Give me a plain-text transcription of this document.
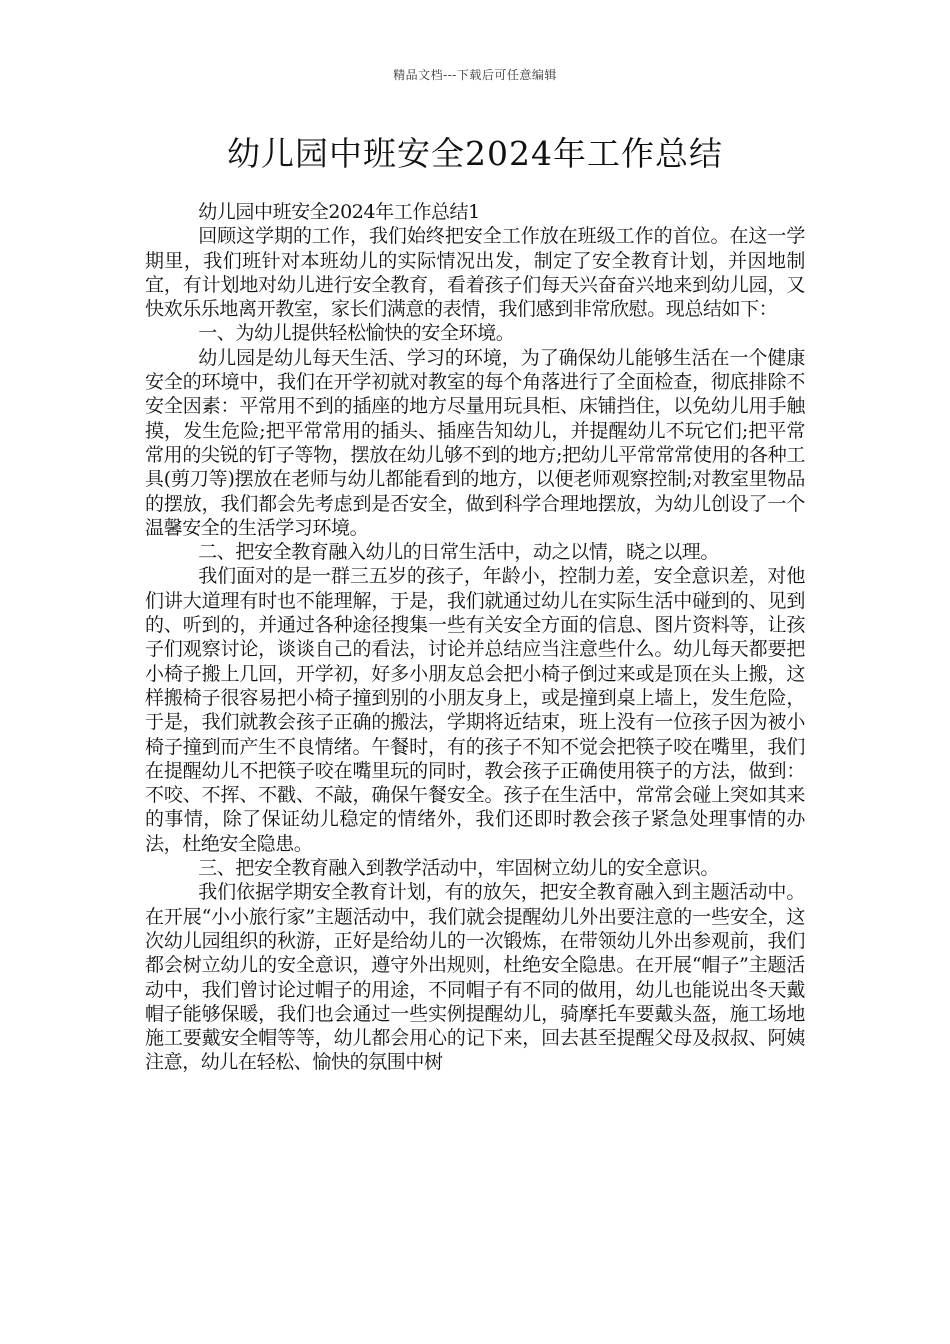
精品文档---下载后可任意编辑
幼儿园中班安全2024年工作总结

幼儿园中班安全2024年工作总结1

回顾这学期的工作，我们始终把安全工作放在班级工作的首位。在这一学期里，我们班针对本班幼儿的实际情况出发，制定了安全教育计划，并因地制宜，有计划地对幼儿进行安全教育，看着孩子们每天兴奋奋兴地来到幼儿园，又快欢乐乐地离开教室，家长们满意的表情，我们感到非常欣慰。现总结如下：

一、为幼儿提供轻松愉快的安全环境。

幼儿园是幼儿每天生活、学习的环境，为了确保幼儿能够生活在一个健康安全的环境中，我们在开学初就对教室的每个角落进行了全面检查，彻底排除不安全因素：平常用不到的插座的地方尽量用玩具柜、床铺挡住，以免幼儿用手触摸，发生危险;把平常常用的插头、插座告知幼儿，并提醒幼儿不玩它们;把平常常用的尖锐的钉子等物，摆放在幼儿够不到的地方;把幼儿平常常常使用的各种工具(剪刀等)摆放在老师与幼儿都能看到的地方，以便老师观察控制;对教室里物品的摆放，我们都会先考虑到是否安全，做到科学合理地摆放，为幼儿创设了一个温馨安全的生活学习环境。

二、把安全教育融入幼儿的日常生活中，动之以情，晓之以理。

我们面对的是一群三五岁的孩子，年龄小，控制力差，安全意识差，对他们讲大道理有时也不能理解，于是，我们就通过幼儿在实际生活中碰到的、见到的、听到的，并通过各种途径搜集一些有关安全方面的信息、图片资料等，让孩子们观察讨论，谈谈自己的看法，讨论并总结应当注意些什么。幼儿每天都要把小椅子搬上几回，开学初，好多小朋友总会把小椅子倒过来或是顶在头上搬，这样搬椅子很容易把小椅子撞到别的小朋友身上，或是撞到桌上墙上，发生危险，于是，我们就教会孩子正确的搬法，学期将近结束，班上没有一位孩子因为被小椅子撞到而产生不良情绪。午餐时，有的孩子不知不觉会把筷子咬在嘴里，我们在提醒幼儿不把筷子咬在嘴里玩的同时，教会孩子正确使用筷子的方法，做到：不咬、不挥、不戳、不敲，确保午餐安全。孩子在生活中，常常会碰上突如其来的事情，除了保证幼儿稳定的情绪外，我们还即时教会孩子紧急处理事情的办法，杜绝安全隐患。

三、把安全教育融入到教学活动中，牢固树立幼儿的安全意识。

我们依据学期安全教育计划，有的放矢，把安全教育融入到主题活动中。在开展“小小旅行家”主题活动中，我们就会提醒幼儿外出要注意的一些安全，这次幼儿园组织的秋游，正好是给幼儿的一次锻炼，在带领幼儿外出参观前，我们都会树立幼儿的安全意识，遵守外出规则，杜绝安全隐患。在开展“帽子”主题活动中，我们曾讨论过帽子的用途，不同帽子有不同的做用，幼儿也能说出冬天戴帽子能够保暖，我们也会通过一些实例提醒幼儿，骑摩托车要戴头盔，施工场地施工要戴安全帽等等，幼儿都会用心的记下来，回去甚至提醒父母及叔叔、阿姨注意，幼儿在轻松、愉快的氛围中树
